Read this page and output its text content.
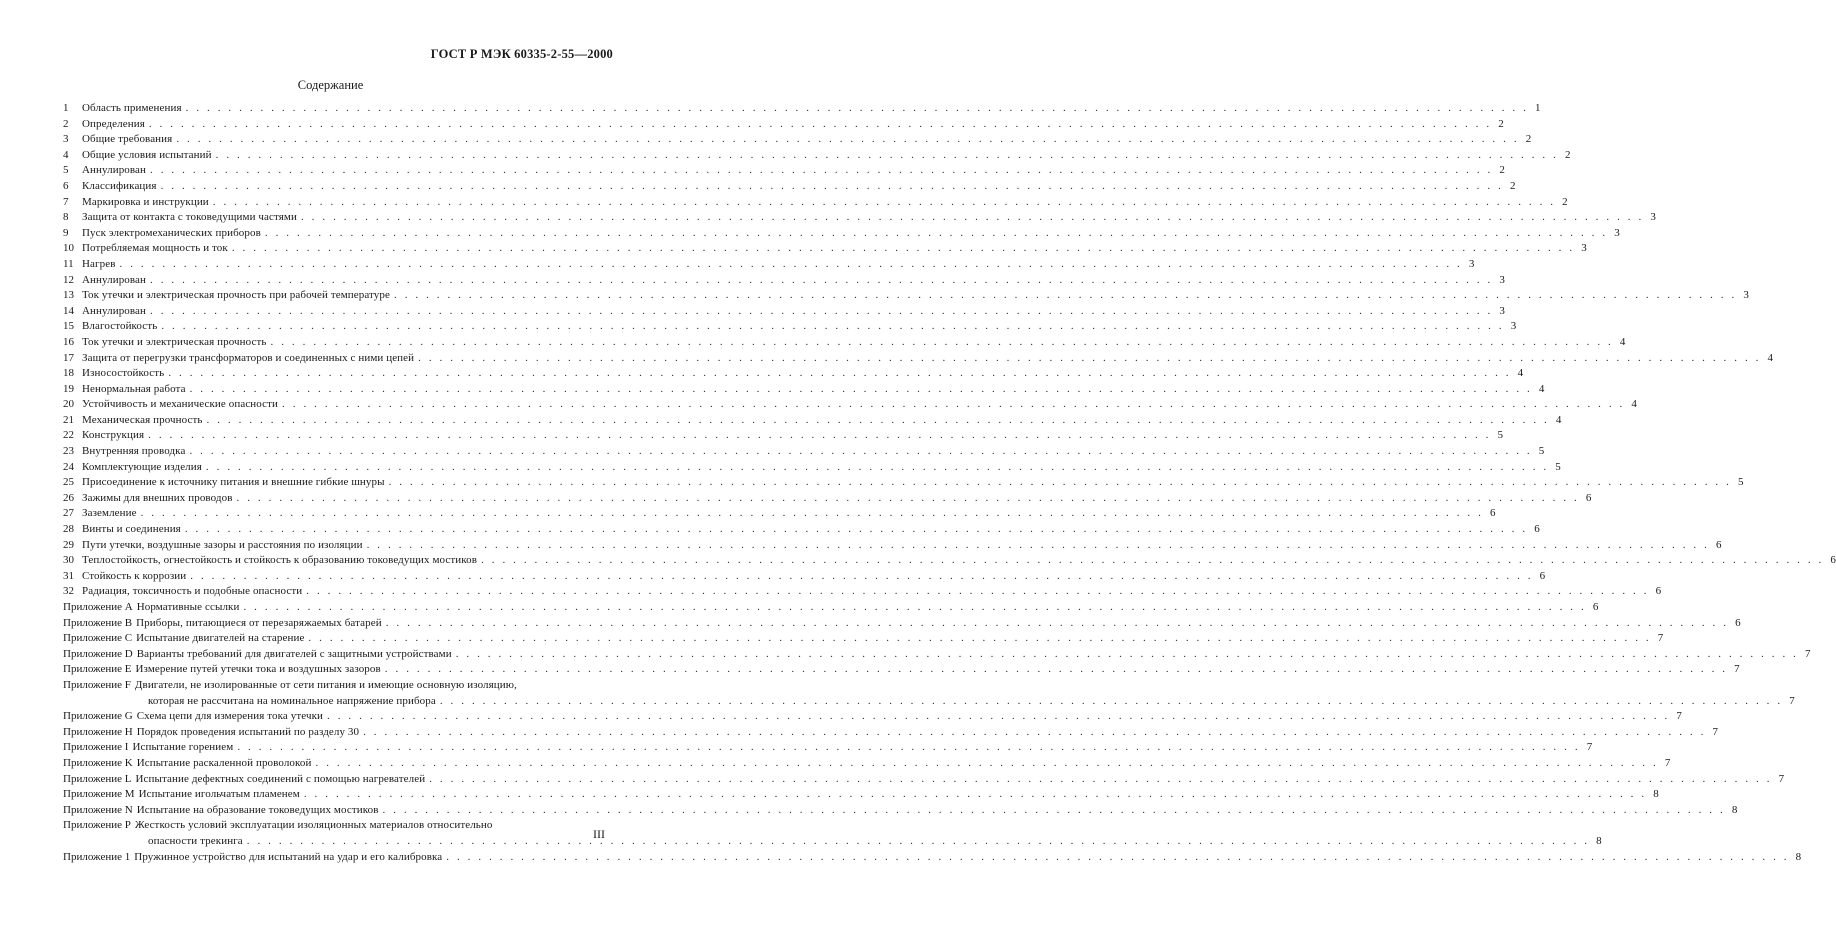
ГОСТ Р МЭК 60335-2-55—2000
Содержание
1	Область применения . . .	1
2	Определения . . .	2
3	Общие требования . . .	2
4	Общие условия испытаний . . .	2
5	Аннулирован . . .	2
6	Классификация . . .	2
7	Маркировка и инструкции . . .	2
8	Защита от контакта с токоведущими частями . . .	3
9	Пуск электромеханических приборов . . .	3
10 Потребляемая мощность и ток . . .	3
11 Нагрев . . .	3
12 Аннулирован . . .	3
13 Ток утечки и электрическая прочность при рабочей температуре . . .	3
14 Аннулирован . . .	3
15 Влагостойкость . . .	3
16 Ток утечки и электрическая прочность . . .	4
17 Защита от перегрузки трансформаторов и соединенных с ними цепей . . .	4
18 Износостойкость . . .	4
19 Ненормальная работа . . .	4
20 Устойчивость и механические опасности . . .	4
21 Механическая прочность . . .	4
22 Конструкция . . .	5
23 Внутренняя проводка . . .	5
24 Комплектующие изделия . . .	5
25 Присоединение к источнику питания и внешние гибкие шнуры . . .	5
26 Зажимы для внешних проводов . . .	6
27 Заземление . . .	6
28 Винты и соединения . . .	6
29 Пути утечки, воздушные зазоры и расстояния по изоляции . . .	6
30 Теплостойкость, огнестойкость и стойкость к образованию токоведущих мостиков . . .	6
31 Стойкость к коррозии . . .	6
32 Радиация, токсичность и подобные опасности . . .	6
Приложение A Нормативные ссылки . . .	6
Приложение B Приборы, питающиеся от перезаряжаемых батарей . . .	6
Приложение C Испытание двигателей на старение . . .	7
Приложение D Варианты требований для двигателей с защитными устройствами . . .	7
Приложение E Измерение путей утечки тока и воздушных зазоров . . .	7
Приложение F Двигатели, не изолированные от сети питания и имеющие основную изоляцию,
которая не рассчитана на номинальное напряжение прибора . . .	7
Приложение G Схема цепи для измерения тока утечки . . .	7
Приложение H Порядок проведения испытаний по разделу 30 . . .	7
Приложение I Испытание горением . . .	7
Приложение K Испытание раскаленной проволокой . . .	7
Приложение L Испытание дефектных соединений с помощью нагревателей . . .	7
Приложение M Испытание игольчатым пламенем . . .	8
Приложение N Испытание на образование токоведущих мостиков . . .	8
Приложение P Жесткость условий эксплуатации изоляционных материалов относительно
опасности трекинга . . .	8
Приложение 1 Пружинное устройство для испытаний на удар и его калибровка . . .	8
III
